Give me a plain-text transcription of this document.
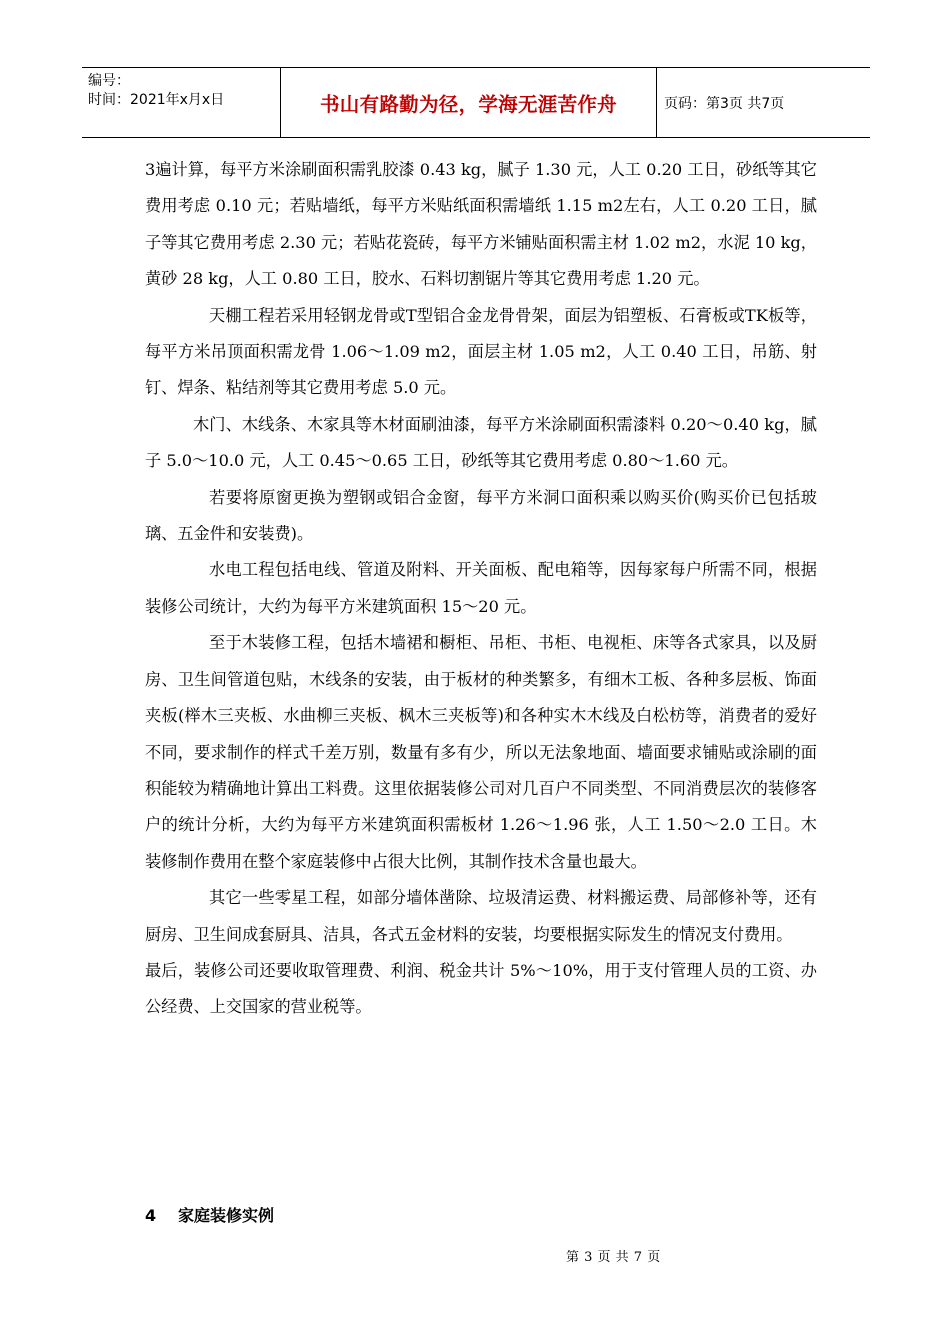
编号：
时间：2021年x月x日	书山有路勤为径，学海无涯苦作舟	页码：第3页 共7页

3遍计算，每平方米涂刷面积需乳胶漆 0.43 kg，腻子 1.30 元，人工 0.20 工日，砂纸等其它费用考虑 0.10 元；若贴墙纸，每平方米贴纸面积需墙纸 1.15 m2左右，人工 0.20 工日，腻子等其它费用考虑 2.30 元；若贴花瓷砖，每平方米铺贴面积需主材 1.02 m2，水泥 10 kg，黄砂 28 kg，人工 0.80 工日，胶水、石料切割锯片等其它费用考虑 1.20 元。

天棚工程若采用轻钢龙骨或T型铝合金龙骨骨架，面层为铝塑板、石膏板或TK板等，每平方米吊顶面积需龙骨 1.06～1.09 m2，面层主材 1.05 m2，人工 0.40 工日，吊筋、射钉、焊条、粘结剂等其它费用考虑 5.0 元。

木门、木线条、木家具等木材面刷油漆，每平方米涂刷面积需漆料 0.20～0.40 kg，腻子 5.0～10.0 元，人工 0.45～0.65 工日，砂纸等其它费用考虑 0.80～1.60 元。

若要将原窗更换为塑钢或铝合金窗，每平方米洞口面积乘以购买价(购买价已包括玻璃、五金件和安装费)。

水电工程包括电线、管道及附料、开关面板、配电箱等，因每家每户所需不同，根据装修公司统计，大约为每平方米建筑面积 15～20 元。

至于木装修工程，包括木墙裙和橱柜、吊柜、书柜、电视柜、床等各式家具，以及厨房、卫生间管道包贴，木线条的安装，由于板材的种类繁多，有细木工板、各种多层板、饰面夹板(榉木三夹板、水曲柳三夹板、枫木三夹板等)和各种实木木线及白松枋等，消费者的爱好不同，要求制作的样式千差万别，数量有多有少，所以无法象地面、墙面要求铺贴或涂刷的面积能较为精确地计算出工料费。这里依据装修公司对几百户不同类型、不同消费层次的装修客户的统计分析，大约为每平方米建筑面积需板材 1.26～1.96 张，人工 1.50～2.0 工日。木装修制作费用在整个家庭装修中占很大比例，其制作技术含量也最大。

其它一些零星工程，如部分墙体凿除、垃圾清运费、材料搬运费、局部修补等，还有厨房、卫生间成套厨具、洁具，各式五金材料的安装，均要根据实际发生的情况支付费用。

最后，装修公司还要收取管理费、利润、税金共计 5%～10%，用于支付管理人员的工资、办公经费、上交国家的营业税等。

4 家庭装修实例
第 3 页 共 7 页
